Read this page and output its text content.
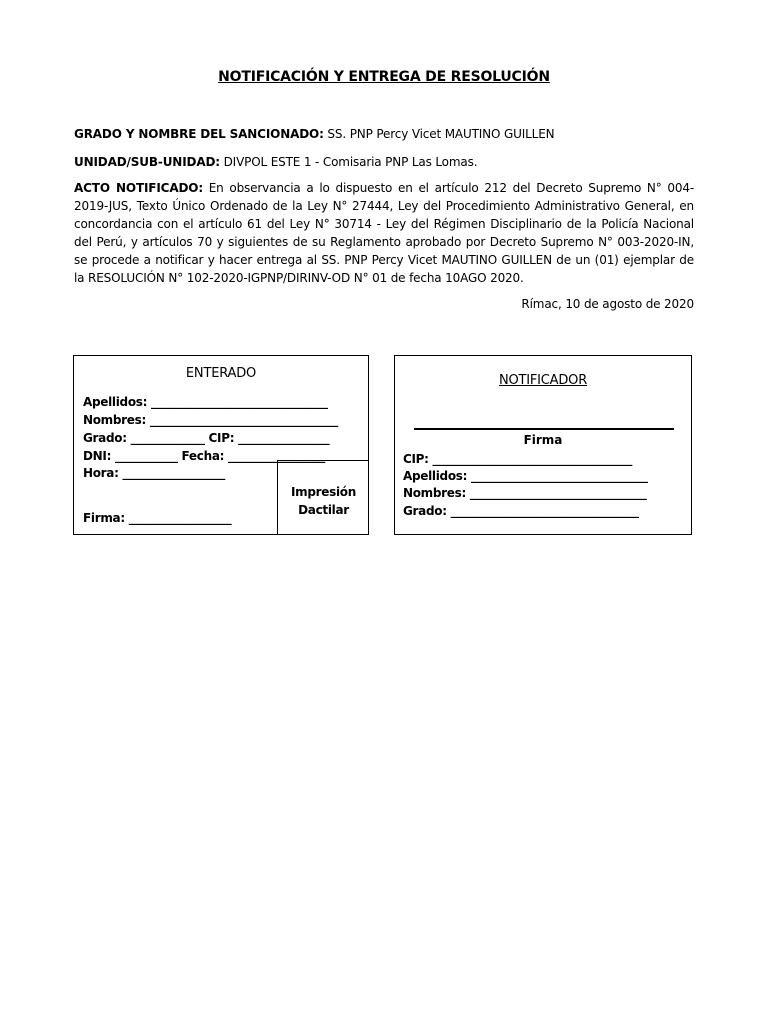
NOTIFICACIÓN Y ENTREGA DE RESOLUCIÓN
GRADO Y NOMBRE DEL SANCIONADO: SS. PNP Percy Vicet MAUTINO GUILLEN
UNIDAD/SUB-UNIDAD: DIVPOL ESTE 1 - Comisaria PNP Las Lomas.
ACTO NOTIFICADO: En observancia a lo dispuesto en el artículo 212 del Decreto Supremo N° 004-2019-JUS, Texto Único Ordenado de la Ley N° 27444, Ley del Procedimiento Administrativo General, en concordancia con el artículo 61 del Ley N° 30714 - Ley del Régimen Disciplinario de la Policía Nacional del Perú, y artículos 70 y siguientes de su Reglamento aprobado por Decreto Supremo N° 003-2020-IN, se procede a notificar y hacer entrega al SS. PNP Percy Vicet MAUTINO GUILLEN de un (01) ejemplar de la RESOLUCIÓN N° 102-2020-IGPNP/DIRINV-OD N° 01 de fecha 10AGO 2020.
Rímac, 10 de agosto de 2020
ENTERADO
Apellidos: _______________________________
Nombres: _________________________________
Grado: _____________ CIP: ________________
DNI: ___________ Fecha: _________________
Hora: __________________
Firma: __________________
Impresión
Dactilar
NOTIFICADOR
Firma
CIP: ___________________________________
Apellidos: _______________________________
Nombres: _______________________________
Grado: _________________________________
